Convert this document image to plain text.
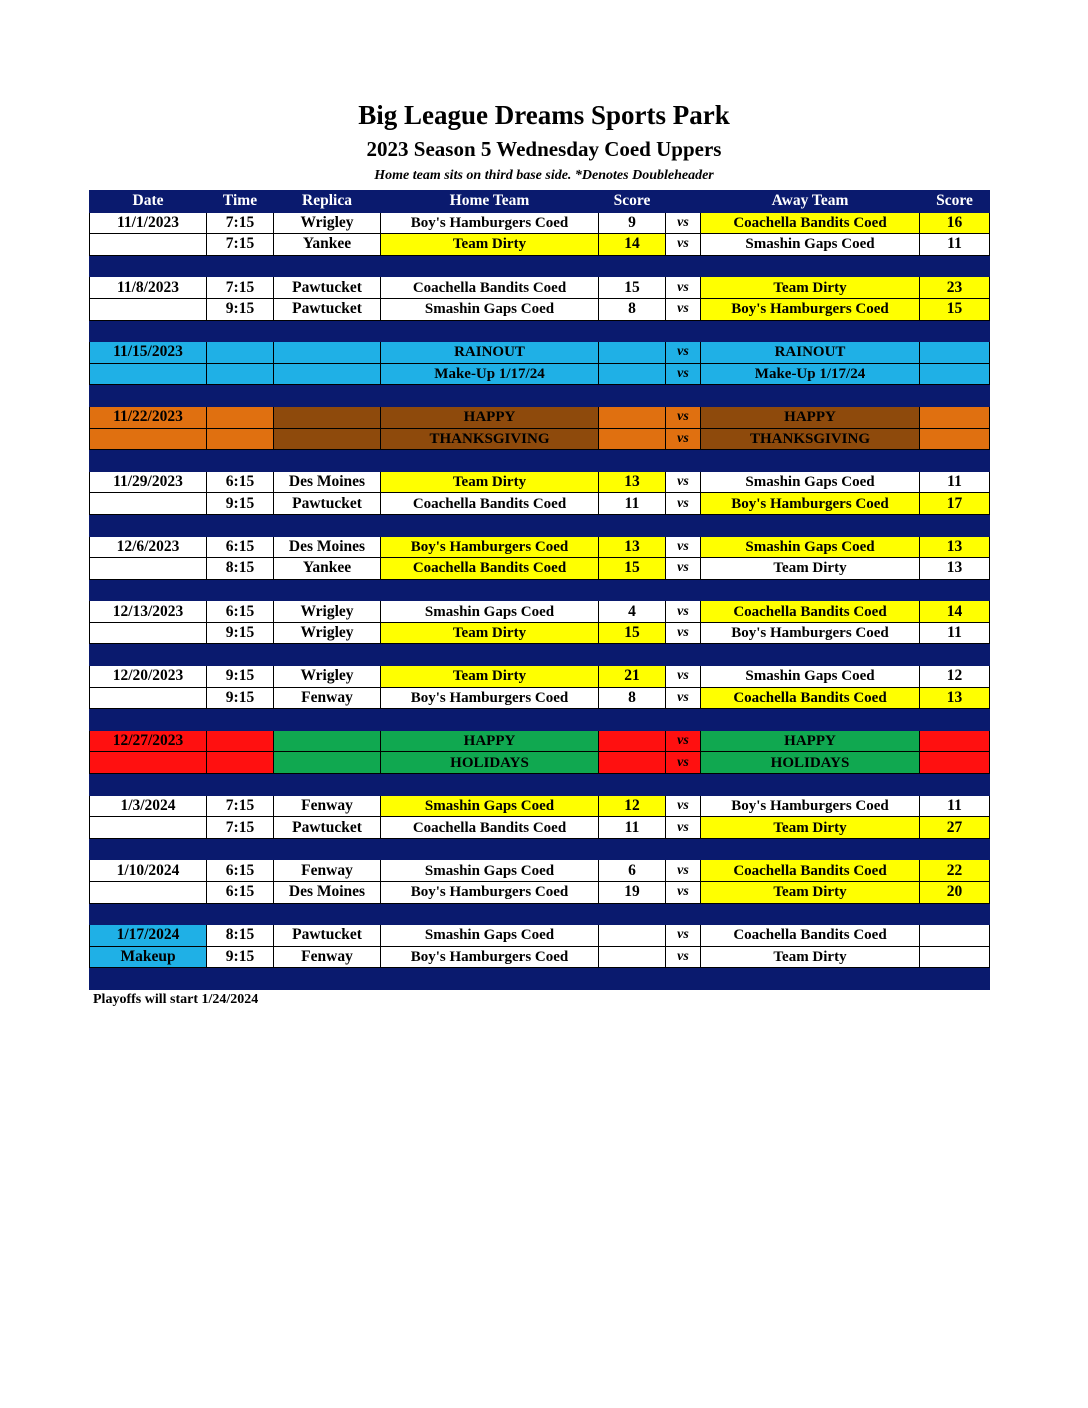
Big League Dreams Sports Park
2023 Season 5 Wednesday Coed Uppers
Home team sits on third base side. *Denotes Doubleheader
Date	Time	Replica	Home Team	Score		Away Team	Score
11/1/2023	7:15	Wrigley	Boy's Hamburgers Coed	9	vs	Coachella Bandits Coed	16
	7:15	Yankee	Team Dirty	14	vs	Smashin Gaps Coed	11

11/8/2023	7:15	Pawtucket	Coachella Bandits Coed	15	vs	Team Dirty	23
	9:15	Pawtucket	Smashin Gaps Coed	8	vs	Boy's Hamburgers Coed	15

11/15/2023			RAINOUT		vs	RAINOUT	
			Make-Up 1/17/24		vs	Make-Up 1/17/24	

11/22/2023			HAPPY		vs	HAPPY	
			THANKSGIVING		vs	THANKSGIVING	

11/29/2023	6:15	Des Moines	Team Dirty	13	vs	Smashin Gaps Coed	11
	9:15	Pawtucket	Coachella Bandits Coed	11	vs	Boy's Hamburgers Coed	17

12/6/2023	6:15	Des Moines	Boy's Hamburgers Coed	13	vs	Smashin Gaps Coed	13
	8:15	Yankee	Coachella Bandits Coed	15	vs	Team Dirty	13

12/13/2023	6:15	Wrigley	Smashin Gaps Coed	4	vs	Coachella Bandits Coed	14
	9:15	Wrigley	Team Dirty	15	vs	Boy's Hamburgers Coed	11

12/20/2023	9:15	Wrigley	Team Dirty	21	vs	Smashin Gaps Coed	12
	9:15	Fenway	Boy's Hamburgers Coed	8	vs	Coachella Bandits Coed	13

12/27/2023			HAPPY		vs	HAPPY	
			HOLIDAYS		vs	HOLIDAYS	

1/3/2024	7:15	Fenway	Smashin Gaps Coed	12	vs	Boy's Hamburgers Coed	11
	7:15	Pawtucket	Coachella Bandits Coed	11	vs	Team Dirty	27

1/10/2024	6:15	Fenway	Smashin Gaps Coed	6	vs	Coachella Bandits Coed	22
	6:15	Des Moines	Boy's Hamburgers Coed	19	vs	Team Dirty	20

1/17/2024	8:15	Pawtucket	Smashin Gaps Coed		vs	Coachella Bandits Coed	
Makeup	9:15	Fenway	Boy's Hamburgers Coed		vs	Team Dirty	

Playoffs will start 1/24/2024
